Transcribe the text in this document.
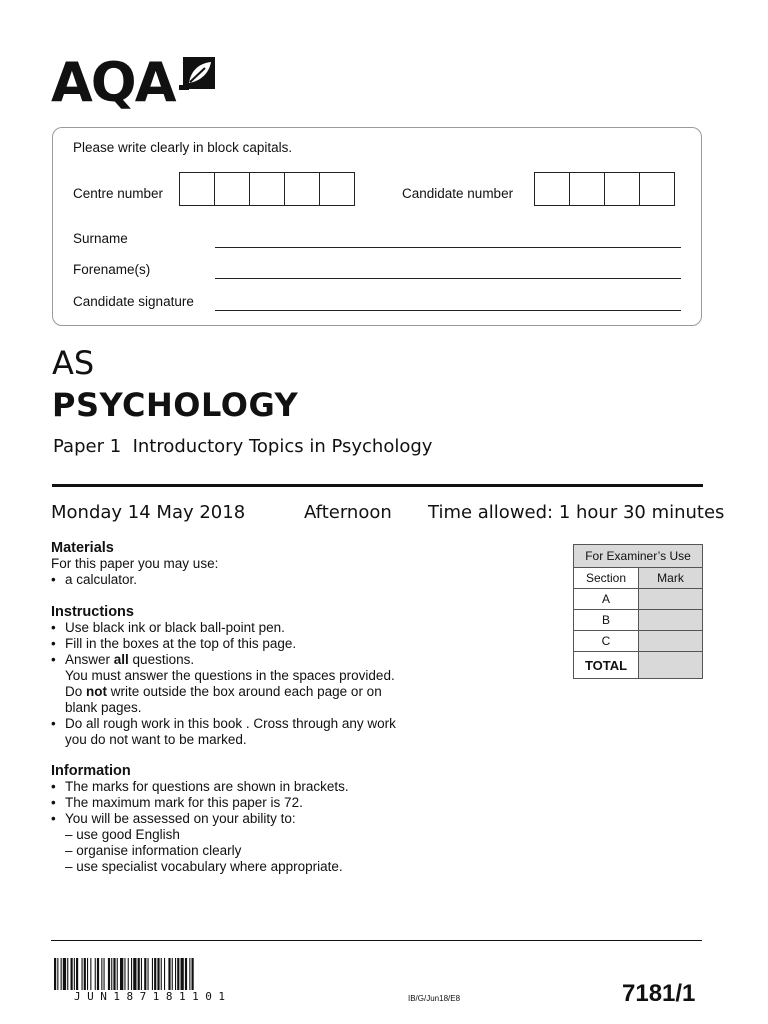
AQA
Please write clearly in block capitals.
Centre number	Candidate number
Surname
Forename(s)
Candidate signature
AS
PSYCHOLOGY
Paper 1  Introductory Topics in Psychology
Monday 14 May 2018	Afternoon Time allowed: 1 hour 30 minutes
Materials
For this paper you may use:
• a calculator.
Instructions
• Use black ink or black ball-point pen.
• Fill in the boxes at the top of this page.
• Answer all questions.
You must answer the questions in the spaces provided.
Do not write outside the box around each page or on
blank pages.
• Do all rough work in this book . Cross through any work
you do not want to be marked.
Information
• The marks for questions are shown in brackets.
• The maximum mark for this paper is 72.
• You will be assessed on your ability to:
– use good English
– organise information clearly
– use specialist vocabulary where appropriate.
For Examiner’s Use	
Section	Mark
A	
B	
C	
TOTAL	
JUN187181101	IB/G/Jun18/E8	7181/1
